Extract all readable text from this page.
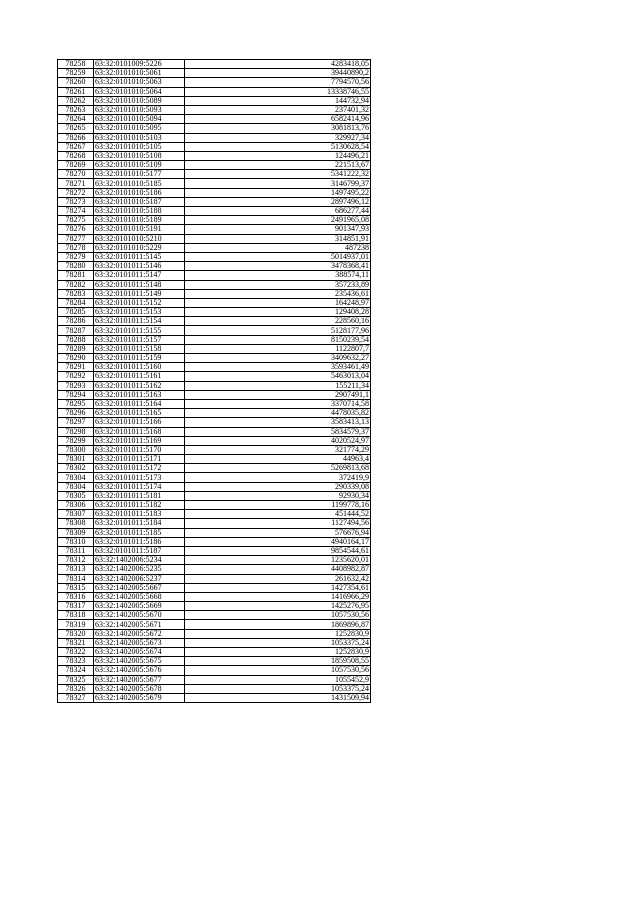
78258	63:32:0101009:5226	4283418,05
78259	63:32:0101010:5061	39440890,2
78260	63:32:0101010:5063	7794570,56
78261	63:32:0101010:5064	13338746,55
78262	63:32:0101010:5089	144732,94
78263	63:32:0101010:5093	237401,32
78264	63:32:0101010:5094	6582414,96
78265	63:32:0101010:5095	3081813,76
78266	63:32:0101010:5103	329927,34
78267	63:32:0101010:5105	5130628,54
78268	63:32:0101010:5108	124496,21
78269	63:32:0101010:5109	221513,67
78270	63:32:0101010:5177	5341222,32
78271	63:32:0101010:5185	3146799,37
78272	63:32:0101010:5186	1497495,22
78273	63:32:0101010:5187	2897496,12
78274	63:32:0101010:5188	686277,44
78275	63:32:0101010:5189	2491965,08
78276	63:32:0101010:5191	901347,93
78277	63:32:0101010:5210	314851,91
78278	63:32:0101010:5229	487238
78279	63:32:0101011:5145	5014937,01
78280	63:32:0101011:5146	3478368,41
78281	63:32:0101011:5147	388574,11
78282	63:32:0101011:5148	357233,89
78283	63:32:0101011:5149	235436,61
78284	63:32:0101011:5152	164248,97
78285	63:32:0101011:5153	129408,28
78286	63:32:0101011:5154	228560,16
78287	63:32:0101011:5155	5128177,96
78288	63:32:0101011:5157	8150239,54
78289	63:32:0101011:5158	1122807,7
78290	63:32:0101011:5159	3409632,27
78291	63:32:0101011:5160	3593461,49
78292	63:32:0101011:5161	5463013,04
78293	63:32:0101011:5162	155211,34
78294	63:32:0101011:5163	2907491,1
78295	63:32:0101011:5164	3370714,58
78296	63:32:0101011:5165	4478035,82
78297	63:32:0101011:5166	3583413,13
78298	63:32:0101011:5168	5834579,37
78299	63:32:0101011:5169	4020524,97
78300	63:32:0101011:5170	321774,29
78301	63:32:0101011:5171	44963,4
78302	63:32:0101011:5172	5269813,68
78304	63:32:0101011:5173	372419,9
78304	63:32:0101011:5174	290339,08
78305	63:32:0101011:5181	92930,34
78306	63:32:0101011:5182	1199778,16
78307	63:32:0101011:5183	451444,52
78308	63:32:0101011:5184	1127494,56
78309	63:32:0101011:5185	576676,94
78310	63:32:0101011:5186	4940164,17
78311	63:32:0101011:5187	9854544,61
78312	63:32:1402006:5234	1235620,01
78313	63:32:1402006:5235	4408982,87
78314	63:32:1402006:5237	261632,42
78315	63:32:1402005:5667	1427354,61
78316	63:32:1402005:5668	1416966,29
78317	63:32:1402005:5669	1425276,95
78318	63:32:1402005:5670	1057530,56
78319	63:32:1402005:5671	1869896,87
78320	63:32:1402005:5672	1252830,9
78321	63:32:1402005:5673	1053375,24
78322	63:32:1402005:5674	1252830,9
78323	63:32:1402005:5675	1859508,55
78324	63:32:1402005:5676	1057530,56
78325	63:32:1402005:5677	1055452,9
78326	63:32:1402005:5678	1053375,24
78327	63:32:1402005:5679	1431509,94
